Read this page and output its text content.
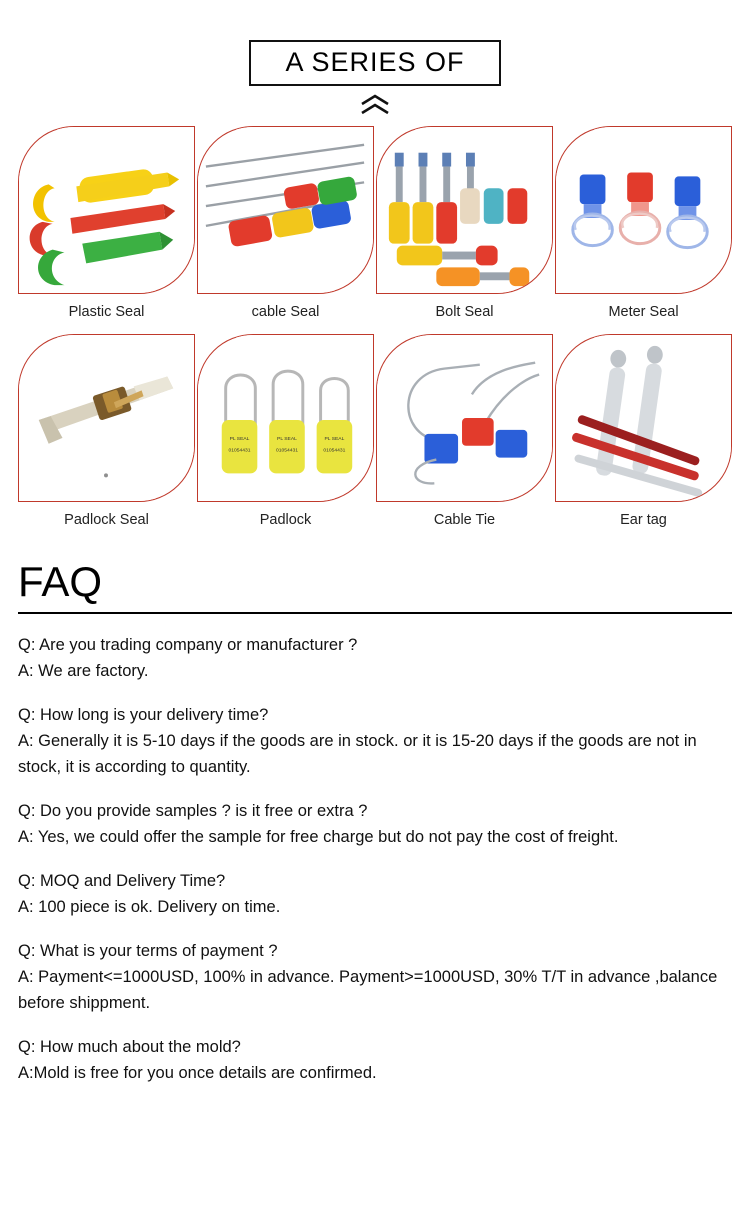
A SERIES OF
Plastic Seal	cable Seal	Bolt Seal	Meter Seal
Padlock Seal
PL SEAL
01054431
PL SEAL
01054431
PL SEAL
01054431
Padlock	Cable Tie	Ear tag
FAQ
Q: Are you trading company or manufacturer ?
A: We are factory.
Q: How long is your delivery time?
A: Generally it is 5-10 days if the goods are in stock. or it is 15-20 days if the goods are not in stock, it is according to quantity.
Q: Do you provide samples ? is it free or extra ?
A: Yes, we could offer the sample for free charge but do not pay the cost of freight.
Q: MOQ and Delivery Time?
A: 100 piece is ok. Delivery on time.
Q: What is your terms of payment ?
A: Payment<=1000USD, 100% in advance. Payment>=1000USD, 30% T/T in advance ,balance before shippment.
Q: How much about the mold?
A:Mold is free for you once details are confirmed.
